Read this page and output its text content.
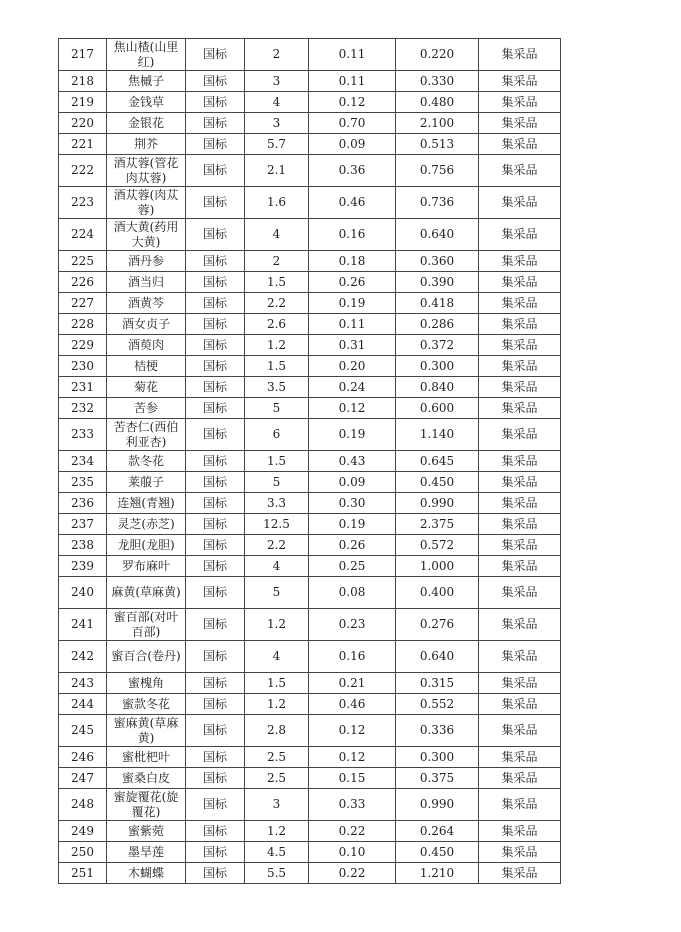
217	焦山楂(山里红)	国标	2	0.11	0.220	集采品
218	焦槭子	国标	3	0.11	0.330	集采品
219	金钱草	国标	4	0.12	0.480	集采品
220	金银花	国标	3	0.70	2.100	集采品
221	荆芥	国标	5.7	0.09	0.513	集采品
222	酒苁蓉(管花肉苁蓉)	国标	2.1	0.36	0.756	集采品
223	酒苁蓉(肉苁蓉)	国标	1.6	0.46	0.736	集采品
224	酒大黄(药用大黄)	国标	4	0.16	0.640	集采品
225	酒丹参	国标	2	0.18	0.360	集采品
226	酒当归	国标	1.5	0.26	0.390	集采品
227	酒黄芩	国标	2.2	0.19	0.418	集采品
228	酒女贞子	国标	2.6	0.11	0.286	集采品
229	酒萸肉	国标	1.2	0.31	0.372	集采品
230	桔梗	国标	1.5	0.20	0.300	集采品
231	菊花	国标	3.5	0.24	0.840	集采品
232	苦参	国标	5	0.12	0.600	集采品
233	苦杏仁(西伯利亚杏)	国标	6	0.19	1.140	集采品
234	款冬花	国标	1.5	0.43	0.645	集采品
235	莱菔子	国标	5	0.09	0.450	集采品
236	连翘(青翘)	国标	3.3	0.30	0.990	集采品
237	灵芝(赤芝)	国标	12.5	0.19	2.375	集采品
238	龙胆(龙胆)	国标	2.2	0.26	0.572	集采品
239	罗布麻叶	国标	4	0.25	1.000	集采品
240	麻黄(草麻黄)	国标	5	0.08	0.400	集采品
241	蜜百部(对叶百部)	国标	1.2	0.23	0.276	集采品
242	蜜百合(卷丹)	国标	4	0.16	0.640	集采品
243	蜜槐角	国标	1.5	0.21	0.315	集采品
244	蜜款冬花	国标	1.2	0.46	0.552	集采品
245	蜜麻黄(草麻黄)	国标	2.8	0.12	0.336	集采品
246	蜜枇杷叶	国标	2.5	0.12	0.300	集采品
247	蜜桑白皮	国标	2.5	0.15	0.375	集采品
248	蜜旋覆花(旋覆花)	国标	3	0.33	0.990	集采品
249	蜜紫菀	国标	1.2	0.22	0.264	集采品
250	墨旱莲	国标	4.5	0.10	0.450	集采品
251	木蝴蝶	国标	5.5	0.22	1.210	集采品
